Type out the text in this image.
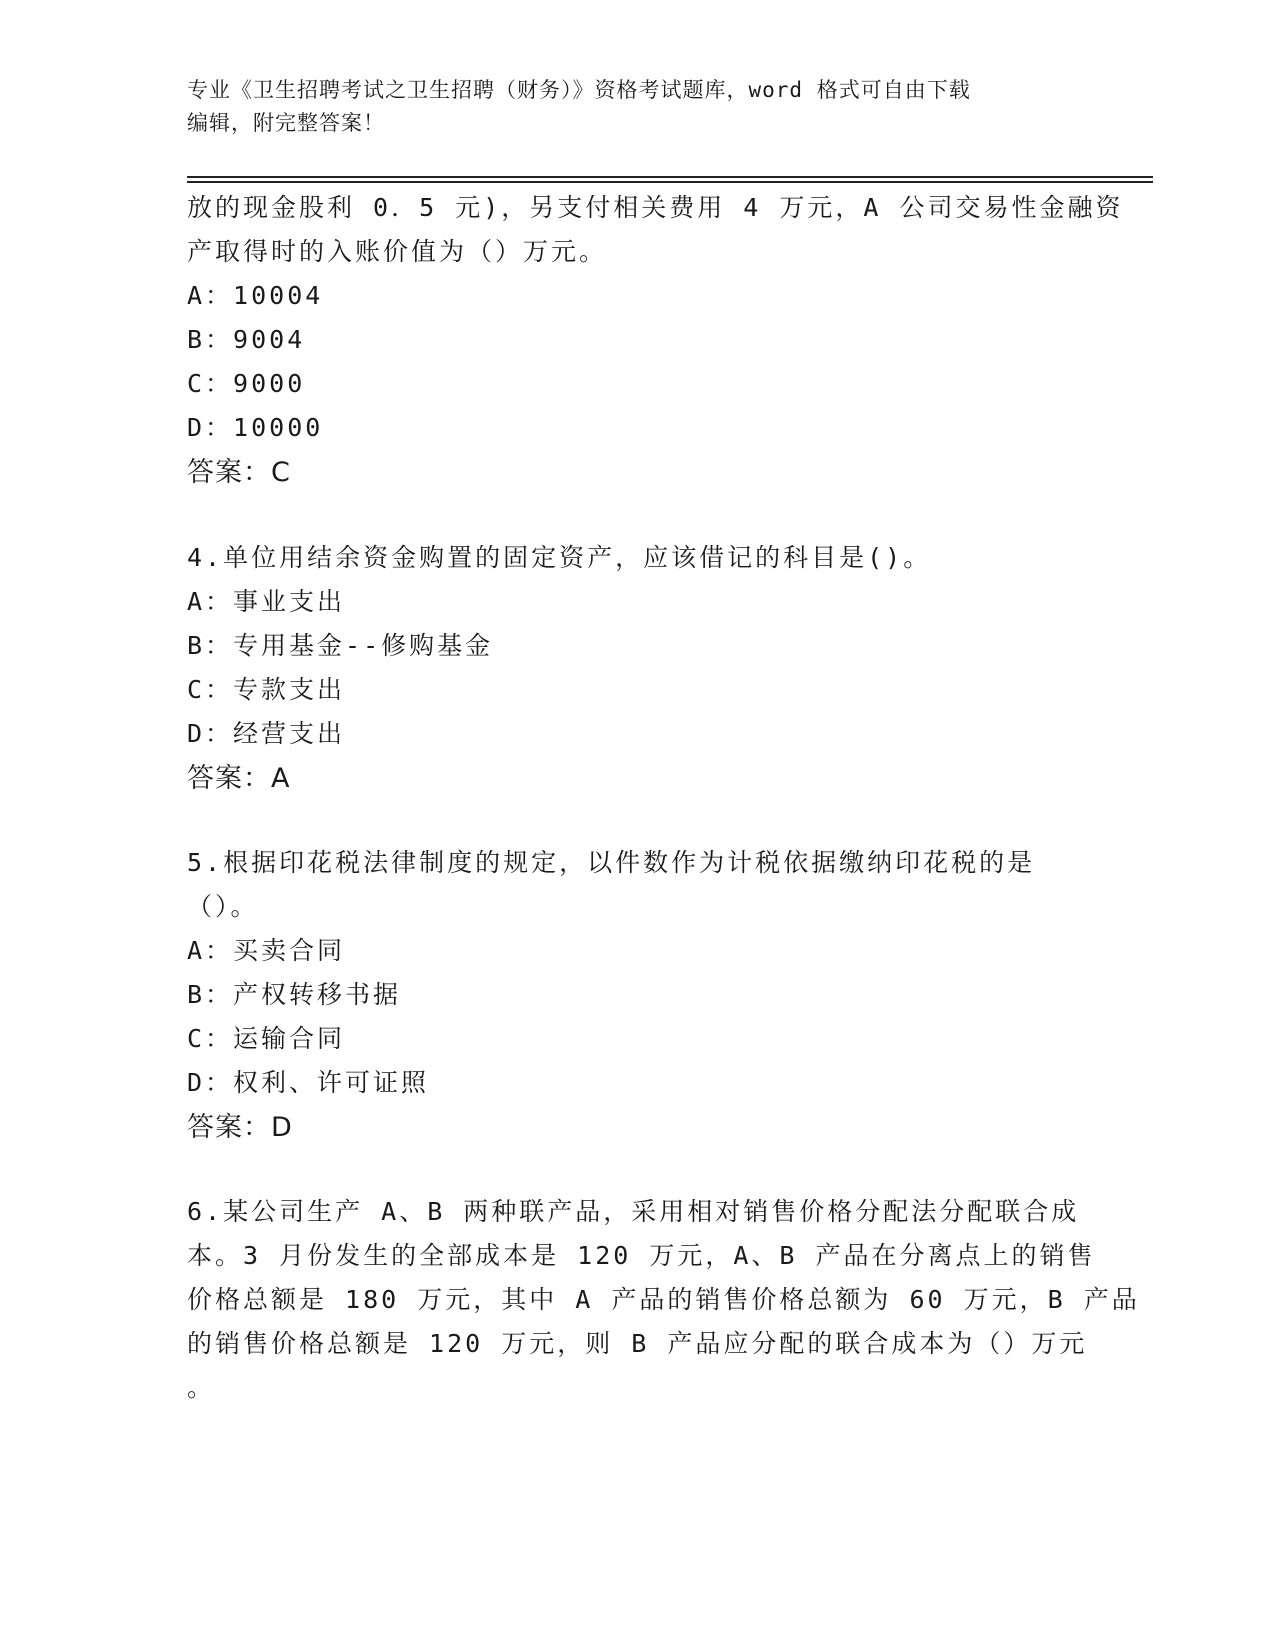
专业《卫生招聘考试之卫生招聘（财务）》资格考试题库，word 格式可自由下载
编辑，附完整答案！
放的现金股利 0．5 元)，另支付相关费用 4 万元，A 公司交易性金融资
产取得时的入账价值为（）万元。
A：10004
B：9004
C：9000
D：10000
答案：C
4.单位用结余资金购置的固定资产，应该借记的科目是()。
A：事业支出
B：专用基金--修购基金
C：专款支出
D：经营支出
答案：A
5.根据印花税法律制度的规定，以件数作为计税依据缴纳印花税的是
（）。
A：买卖合同
B：产权转移书据
C：运输合同
D：权利、许可证照
答案：D
6.某公司生产 A、B 两种联产品，采用相对销售价格分配法分配联合成
本。3 月份发生的全部成本是 120 万元，A、B 产品在分离点上的销售
价格总额是 180 万元，其中 A 产品的销售价格总额为 60 万元，B 产品
的销售价格总额是 120 万元，则 B 产品应分配的联合成本为（）万元
。
